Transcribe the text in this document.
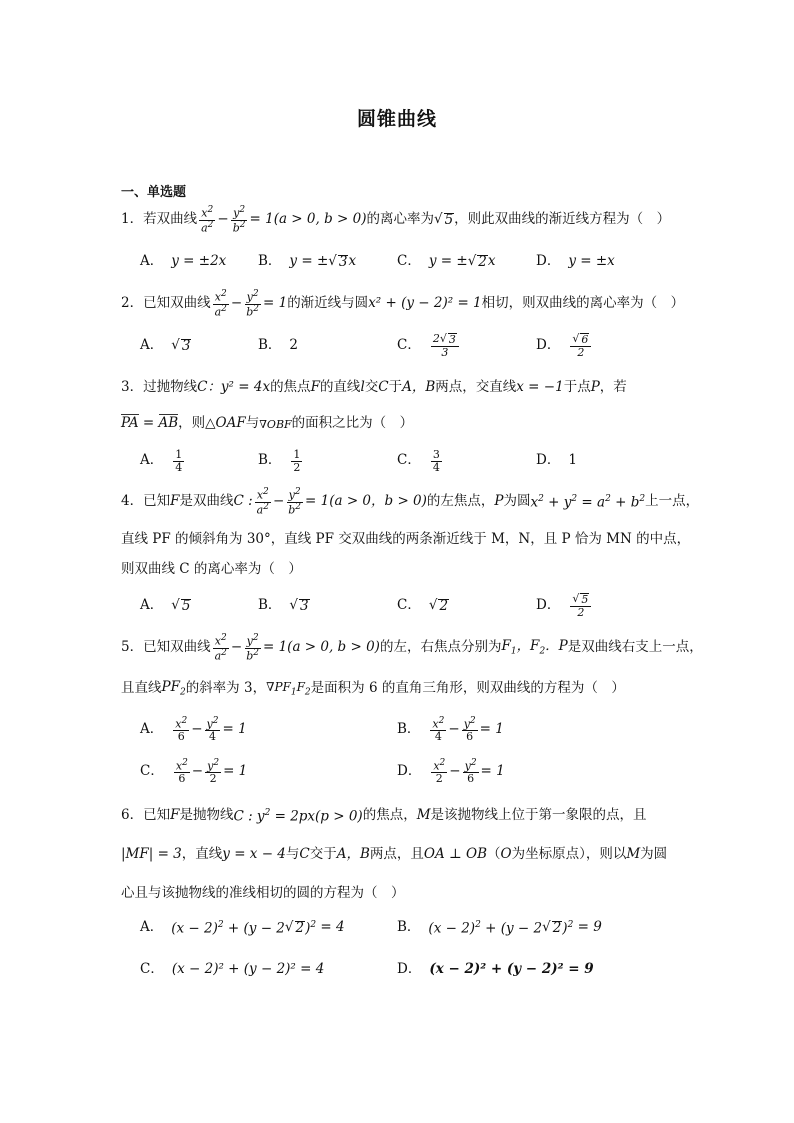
圆锥曲线
一、单选题
1．若双曲线 $\frac{x^2}{a^2} - \frac{y^2}{b^2} = 1$ (a > 0, b > 0) 的离心率为 √ 5 ，则此双曲线的渐近线方程为（　）
A． y = ±2x B． y = ± √ 3 x	C． y = ± √ 2 x	D． y = ±x
2．已知双曲线 $\frac{x^2}{a^2} - \frac{y^2}{b^2} = 1$ 的渐近线与圆 x² + (y − 2)² = 1 相切，则双曲线的离心率为（　）
A． √ 3	B． 2	C． $\frac{2√ 3}{3}$	D． $\frac{√ 6}{2}$
3．过抛物线 C：y² = 4x 的焦点 F 的直线 l 交 C 于 A，B 两点，交直线 x = −1 于点 P ，若
PA = AB ，则 △OAF 与 ∇OBF 的面积之比为（　）
A． $\frac{1}{4}$	B． $\frac{1}{2}$	C． $\frac{3}{4}$	D． 1
4．已知 F 是双曲线 C : $\frac{x^2}{a^2} - \frac{y^2}{b^2} = 1(a > 0$，b > 0) 的左焦点， P 为圆 $x^2 + y^2 = a^2 + b^2$ 上一点，
直线 PF 的倾斜角为 30°，直线 PF 交双曲线的两条渐近线于 M，N，且 P 恰为 MN 的中点，
则双曲线 C 的离心率为（　）
A． √ 5	B． √ 3	C． √ 2	D． $\frac{√ 5}{2}$
5．已知双曲线 $\frac{x^2}{a^2} - \frac{y^2}{b^2} = 1(a > 0$, b > 0) 的左，右焦点分别为 $F_1$，$F_2$．P 是双曲线右支上一点，
且直线 $PF_2$ 的斜率为 3， $\nabla PF_1F_2$ 是面积为 6 的直角三角形，则双曲线的方程为（　）
A． $\frac{x^2}{6} - \frac{y^2}{4} = 1$	B． $\frac{x^2}{4} - \frac{y^2}{6} = 1$
C． $\frac{x^2}{6} - \frac{y^2}{2} = 1$	D． $\frac{x^2}{2} - \frac{y^2}{6} = 1$
6．已知 F 是抛物线 C : $y^2 = 2px(p > 0)$ 的焦点， M 是该抛物线上位于第一象限的点，且
|MF| = 3 ，直线 y = x − 4 与 C 交于 A，B 两点，且 OA ⊥ OB （ O 为坐标原点），则以 M 为圆
心且与该抛物线的准线相切的圆的方程为（　）
A． $(x - 2)^2 + (y - 2$ √ 2 )$^2$ = 4	B． $(x - 2)^2 + (y - 2$ √ 2 )$^2$ = 9
C． (x − 2)² + (y − 2)² = 4	D． (x − 2)² + (y − 2)² = 9
